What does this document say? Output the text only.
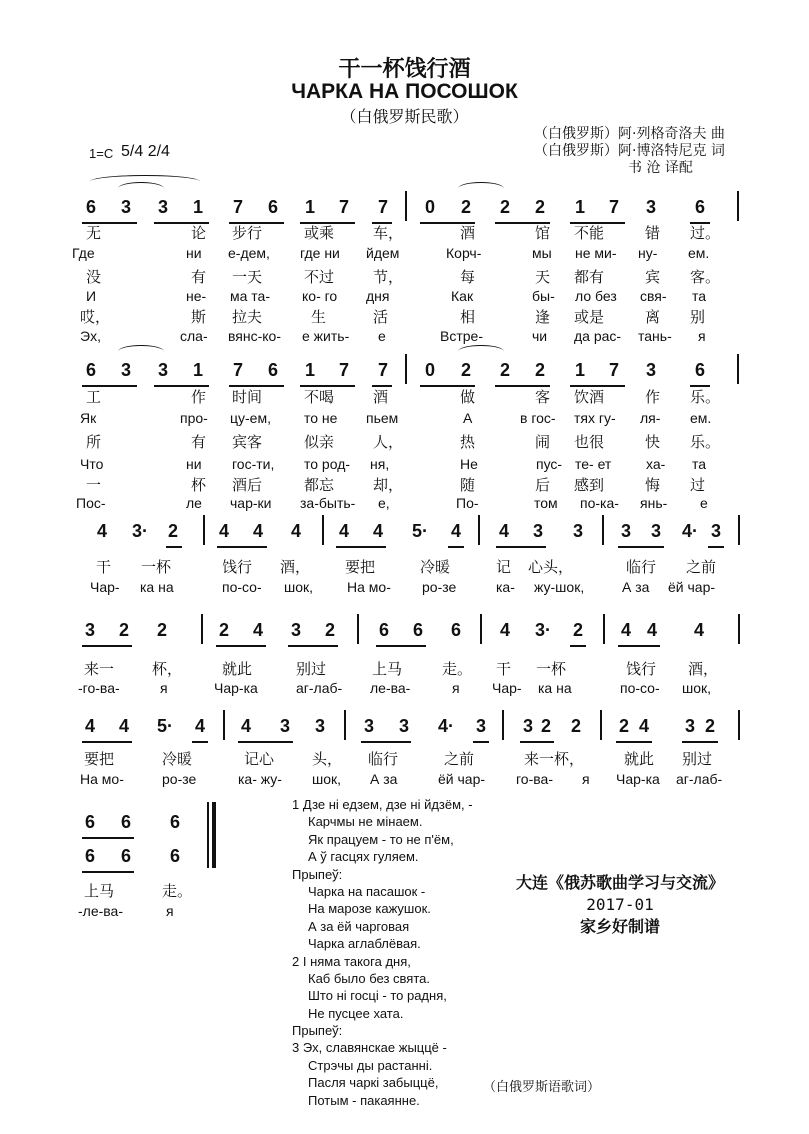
干一杯饯行酒
ЧАРКА НА ПОСОШОК
（白俄罗斯民歌）
（白俄罗斯）阿·列格奇洛夫 曲
（白俄罗斯）阿·博洛特尼克 词
书 沧 译配
1=C 5/4 2/4
6	3	3	1	7	6	1	7	7	0	2	2	2	1	7	3	6
无	论 步行	或乘	车，	酒	馆 不能	错 过。
Где	ни е-дем, где ни йдем	Корч-	мы не ми- ну- ем.
没	有 一天	不过	节，	每	天 都有	宾 客。
И	не- ма та- ко- го дня	Как	бы- ло без свя- та
哎，	斯 拉夫	生	活	相	逢 或是	离 别
Эх,	сла- вянс-ко- е жить- е	Встре-	чи да рас- тань- я
6	3	3	1	7	6	1	7	7	0	2	2	2	1	7	3	6
工	作 时间	不喝	酒	做	客 饮酒	作 乐。
Як	про- цу-ем, то не пьем	А	в гос- тях гу- ля- ем.
所	有 宾客	似亲	人，	热	闹 也很	快 乐。
Что	ни гос-ти, то род- ня,	Не	пус- те- ет ха- та
一	杯 酒后	都忘	却，	随	后 感到	悔 过
Пос-	ле чар-ки за-быть- е,	По-	том по-ка- янь- е
4	3·	2	4	4	4	4	4	5·	4	4	3	3	3	3	4· 3
干 一杯	饯行 酒， 要把	冷暖	记 心头，	临行 之前
Чар- ка на	по-со- шок, На мо- ро-зе	ка- жу-шок,	А за ёй чар-
3	2	2	2	4	3	2	6	6	6	4	3·	2	4 4	4
来一	杯，	就此	别过	上马	走。 干 一杯	饯行 酒，
-го-ва-	я	Чар-ка	аг-лаб- ле-ва-	я Чар- ка на	по-со- шок,
4	4	5·	4	4	3	3	3	3	4·	3	3 2	2	2 4	3 2
要把	冷暖	记心	头， 临行	之前	来一杯，	就此 别过
На мо-	ро-зе	ка- жу- шок, А за	ёй чар- го-ва- я Чар-ка аг-лаб-
6	6	6
6	6	6
上马	走。
-ле-ва-	я
1 Дзе ні едзем, дзе ні йдзём, -
Карчмы не мінаем.
Як працуем - то не п'ём,
А ў гасцях гуляем.
Прыпеў:
Чарка на пасашок -
На марозе кажушок.
А за ёй чарговая
Чарка аглаблёвая.
2 І няма такога дня,
Каб было без свята.
Што ні госці - то радня,
Не пусцее хата.
Прыпеў:
3 Эх, славянскае жыццё -
Стрэчы ды растанні.
Пасля чаркі забыццё,
Потым - пакаянне.
大连《俄苏歌曲学习与交流》
2017-01
家乡好制谱
（白俄罗斯语歌词）
